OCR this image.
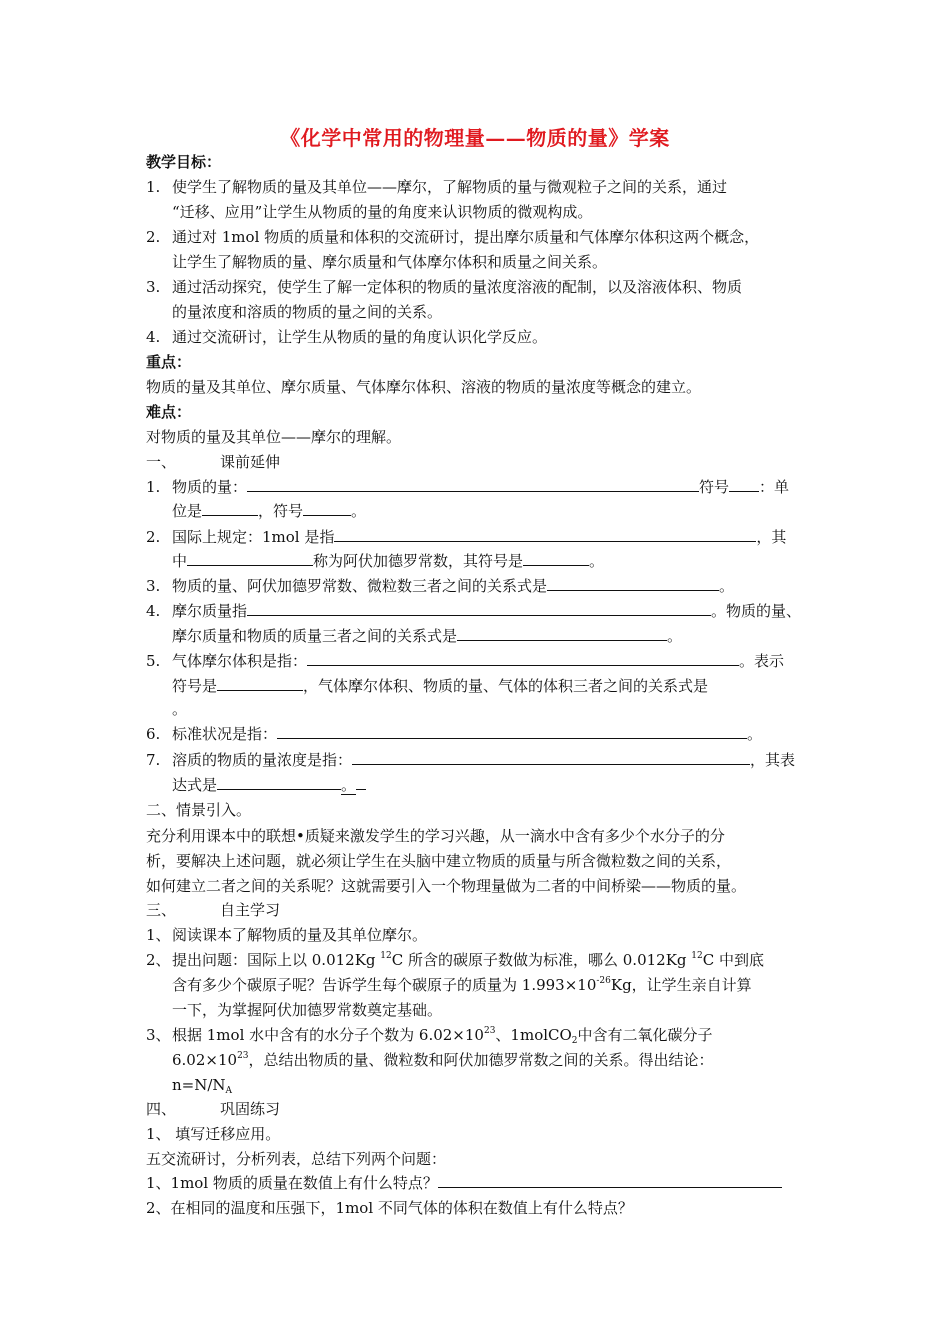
《化学中常用的物理量——物质的量》学案
教学目标：
1. 使学生了解物质的量及其单位——摩尔，了解物质的量与微观粒子之间的关系，通过
“迁移、应用”让学生从物质的量的角度来认识物质的微观构成。
2. 通过对 1mol 物质的质量和体积的交流研讨，提出摩尔质量和气体摩尔体积这两个概念，
让学生了解物质的量、摩尔质量和气体摩尔体积和质量之间关系。
3. 通过活动探究，使学生了解一定体积的物质的量浓度溶液的配制，以及溶液体积、物质
的量浓度和溶质的物质的量之间的关系。
4. 通过交流研讨，让学生从物质的量的角度认识化学反应。
重点：
物质的量及其单位、摩尔质量、气体摩尔体积、溶液的物质的量浓度等概念的建立。
难点：
对物质的量及其单位——摩尔的理解。
一、	课前延伸
1. 物质的量：	符号 ：单
位是	，符号	。
2. 国际上规定：1mol 是指	，其
中	称为阿伏加德罗常数，其符号是	。
3. 物质的量、阿伏加德罗常数、微粒数三者之间的关系式是	。
4. 摩尔质量指	。物质的量、
摩尔质量和物质的质量三者之间的关系式是	。
5. 气体摩尔体积是指：	。表示
符号是	，气体摩尔体积、物质的量、气体的体积三者之间的关系式是
。
6. 标准状况是指：	。
7. 溶质的物质的量浓度是指：	，其表
达式是	。
二、情景引入。
充分利用课本中的联想•质疑来激发学生的学习兴趣，从一滴水中含有多少个水分子的分
析，要解决上述问题，就必须让学生在头脑中建立物质的质量与所含微粒数之间的关系，
如何建立二者之间的关系呢？这就需要引入一个物理量做为二者的中间桥梁——物质的量。
三、	自主学习
1、阅读课本了解物质的量及其单位摩尔。
2、提出问题：国际上以 0.012Kg $^{12}$C 所含的碳原子数做为标准，哪么 0.012Kg $^{12}$C 中到底
含有多少个碳原子呢？告诉学生每个碳原子的质量为 $1.993\times 10^{-26}Kg$，让学生亲自计算
一下，为掌握阿伏加德罗常数奠定基础。
3、根据 1mol 水中含有的水分子个数为 $6.02\times 10^{23}$、1molCO$_2$中含有二氧化碳分子
$6.02\times 10^{23}$，总结出物质的量、微粒数和阿伏加德罗常数之间的关系。得出结论：
$n=N/N_A$
四、	巩固练习
1、 填写迁移应用。
五交流研讨，分析列表，总结下列两个问题：
1、1mol 物质的质量在数值上有什么特点？
2、在相同的温度和压强下，1mol 不同气体的体积在数值上有什么特点？
